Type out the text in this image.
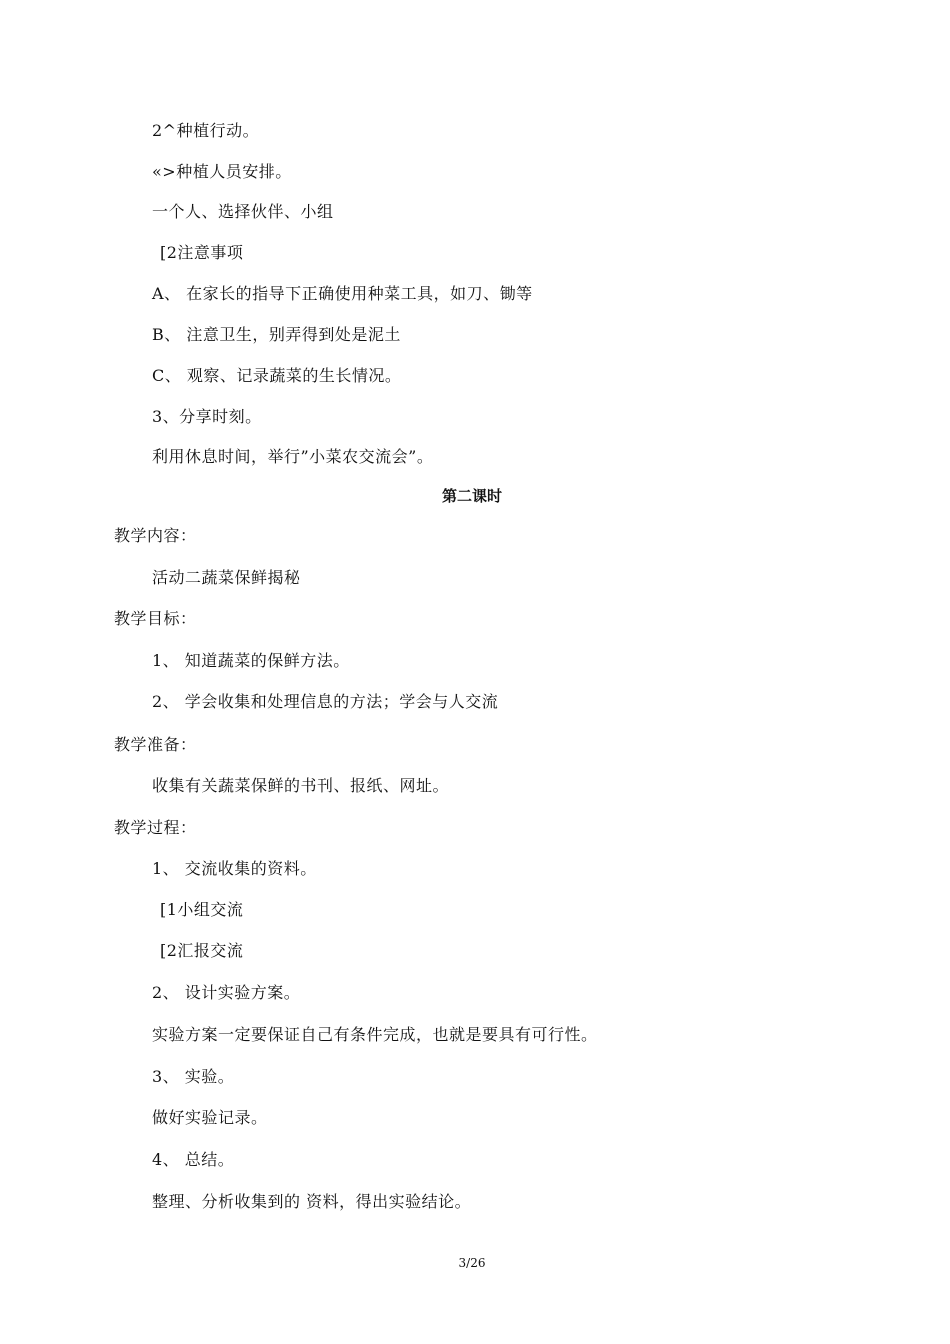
2^种植行动。
«>种植人员安排。
一个人、选择伙伴、小组
[2注意事项
A、 在家长的指导下正确使用种菜工具，如刀、锄等
B、 注意卫生，别弄得到处是泥土
C、 观察、记录蔬菜的生长情况。
3、分享时刻。
利用休息时间，举行”小菜农交流会”。
第二课时
教学内容：
活动二蔬菜保鲜揭秘
教学目标：
1、 知道蔬菜的保鲜方法。
2、 学会收集和处理信息的方法；学会与人交流
教学准备：
收集有关蔬菜保鲜的书刊、报纸、网址。
教学过程：
1、 交流收集的资料。
[1小组交流
[2汇报交流
2、 设计实验方案。
实验方案一定要保证自己有条件完成，也就是要具有可行性。
3、 实验。
做好实验记录。
4、 总结。
整理、分析收集到的 资料，得出实验结论。
3/26
